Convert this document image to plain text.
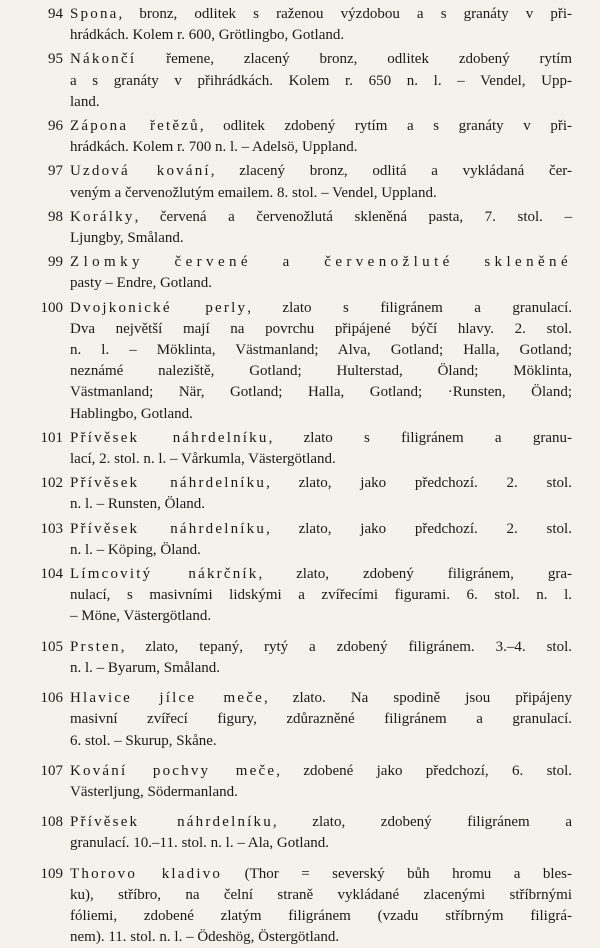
94 Spona, bronz, odlitek s raženou výzdobou a s granáty v při-
hrádkách. Kolem r. 600, Grötlingbo, Gotland.
95 Nákončí řemene, zlacený bronz, odlitek zdobený rytím
a s granáty v přihrádkách. Kolem r. 650 n. l. – Vendel, Upp-
land.
96 Zápona řetězů, odlitek zdobený rytím a s granáty v při-
hrádkách. Kolem r. 700 n. l. – Adelsö, Uppland.
97 Uzdová kování, zlacený bronz, odlitá a vykládaná čer-
veným a červenožlutým emailem. 8. stol. – Vendel, Uppland.
98 Korálky, červená a červenožlutá skleněná pasta, 7. stol. –
Ljungby, Småland.
99 Zlomky červené a červenožluté skleněné
pasty – Endre, Gotland.
100 Dvojkonické perly, zlato s filigránem a granulací.
Dva největší mají na povrchu připájené býčí hlavy. 2. stol.
n. l. – Möklinta, Västmanland; Alva, Gotland; Halla, Gotland;
neznámé naleziště, Gotland; Hulterstad, Öland; Möklinta,
Västmanland; När, Gotland; Halla, Gotland; ·Runsten, Öland;
Hablingbo, Gotland.
101 Přívěsek náhrdelníku, zlato s filigránem a granu-
lací, 2. stol. n. l. – Vårkumla, Västergötland.
102 Přívěsek náhrdelníku, zlato, jako předchozí. 2. stol.
n. l. – Runsten, Öland.
103 Přívěsek náhrdelníku, zlato, jako předchozí. 2. stol.
n. l. – Köping, Öland.
104 Límcovitý nákrčník, zlato, zdobený filigránem, gra-
nulací, s masivními lidskými a zvířecími figurami. 6. stol. n. l.
– Möne, Västergötland.
105 Prsten, zlato, tepaný, rytý a zdobený filigránem. 3.–4. stol.
n. l. – Byarum, Småland.
106 Hlavice jílce meče, zlato. Na spodině jsou připájeny
masivní zvířecí figury, zdůrazněné filigránem a granulací.
6. stol. – Skurup, Skåne.
107 Kování pochvy meče, zdobené jako předchozí, 6. stol.
Västerljung, Södermanland.
108 Přívěsek náhrdelníku, zlato, zdobený filigránem a
granulací. 10.–11. stol. n. l. – Ala, Gotland.
109 Thorovo kladivo (Thor = severský bůh hromu a bles-
ku), stříbro, na čelní straně vykládané zlacenými stříbrnými
fóliemi, zdobené zlatým filigránem (vzadu stříbrným filigrá-
nem). 11. stol. n. l. – Ödeshög, Östergötland.
